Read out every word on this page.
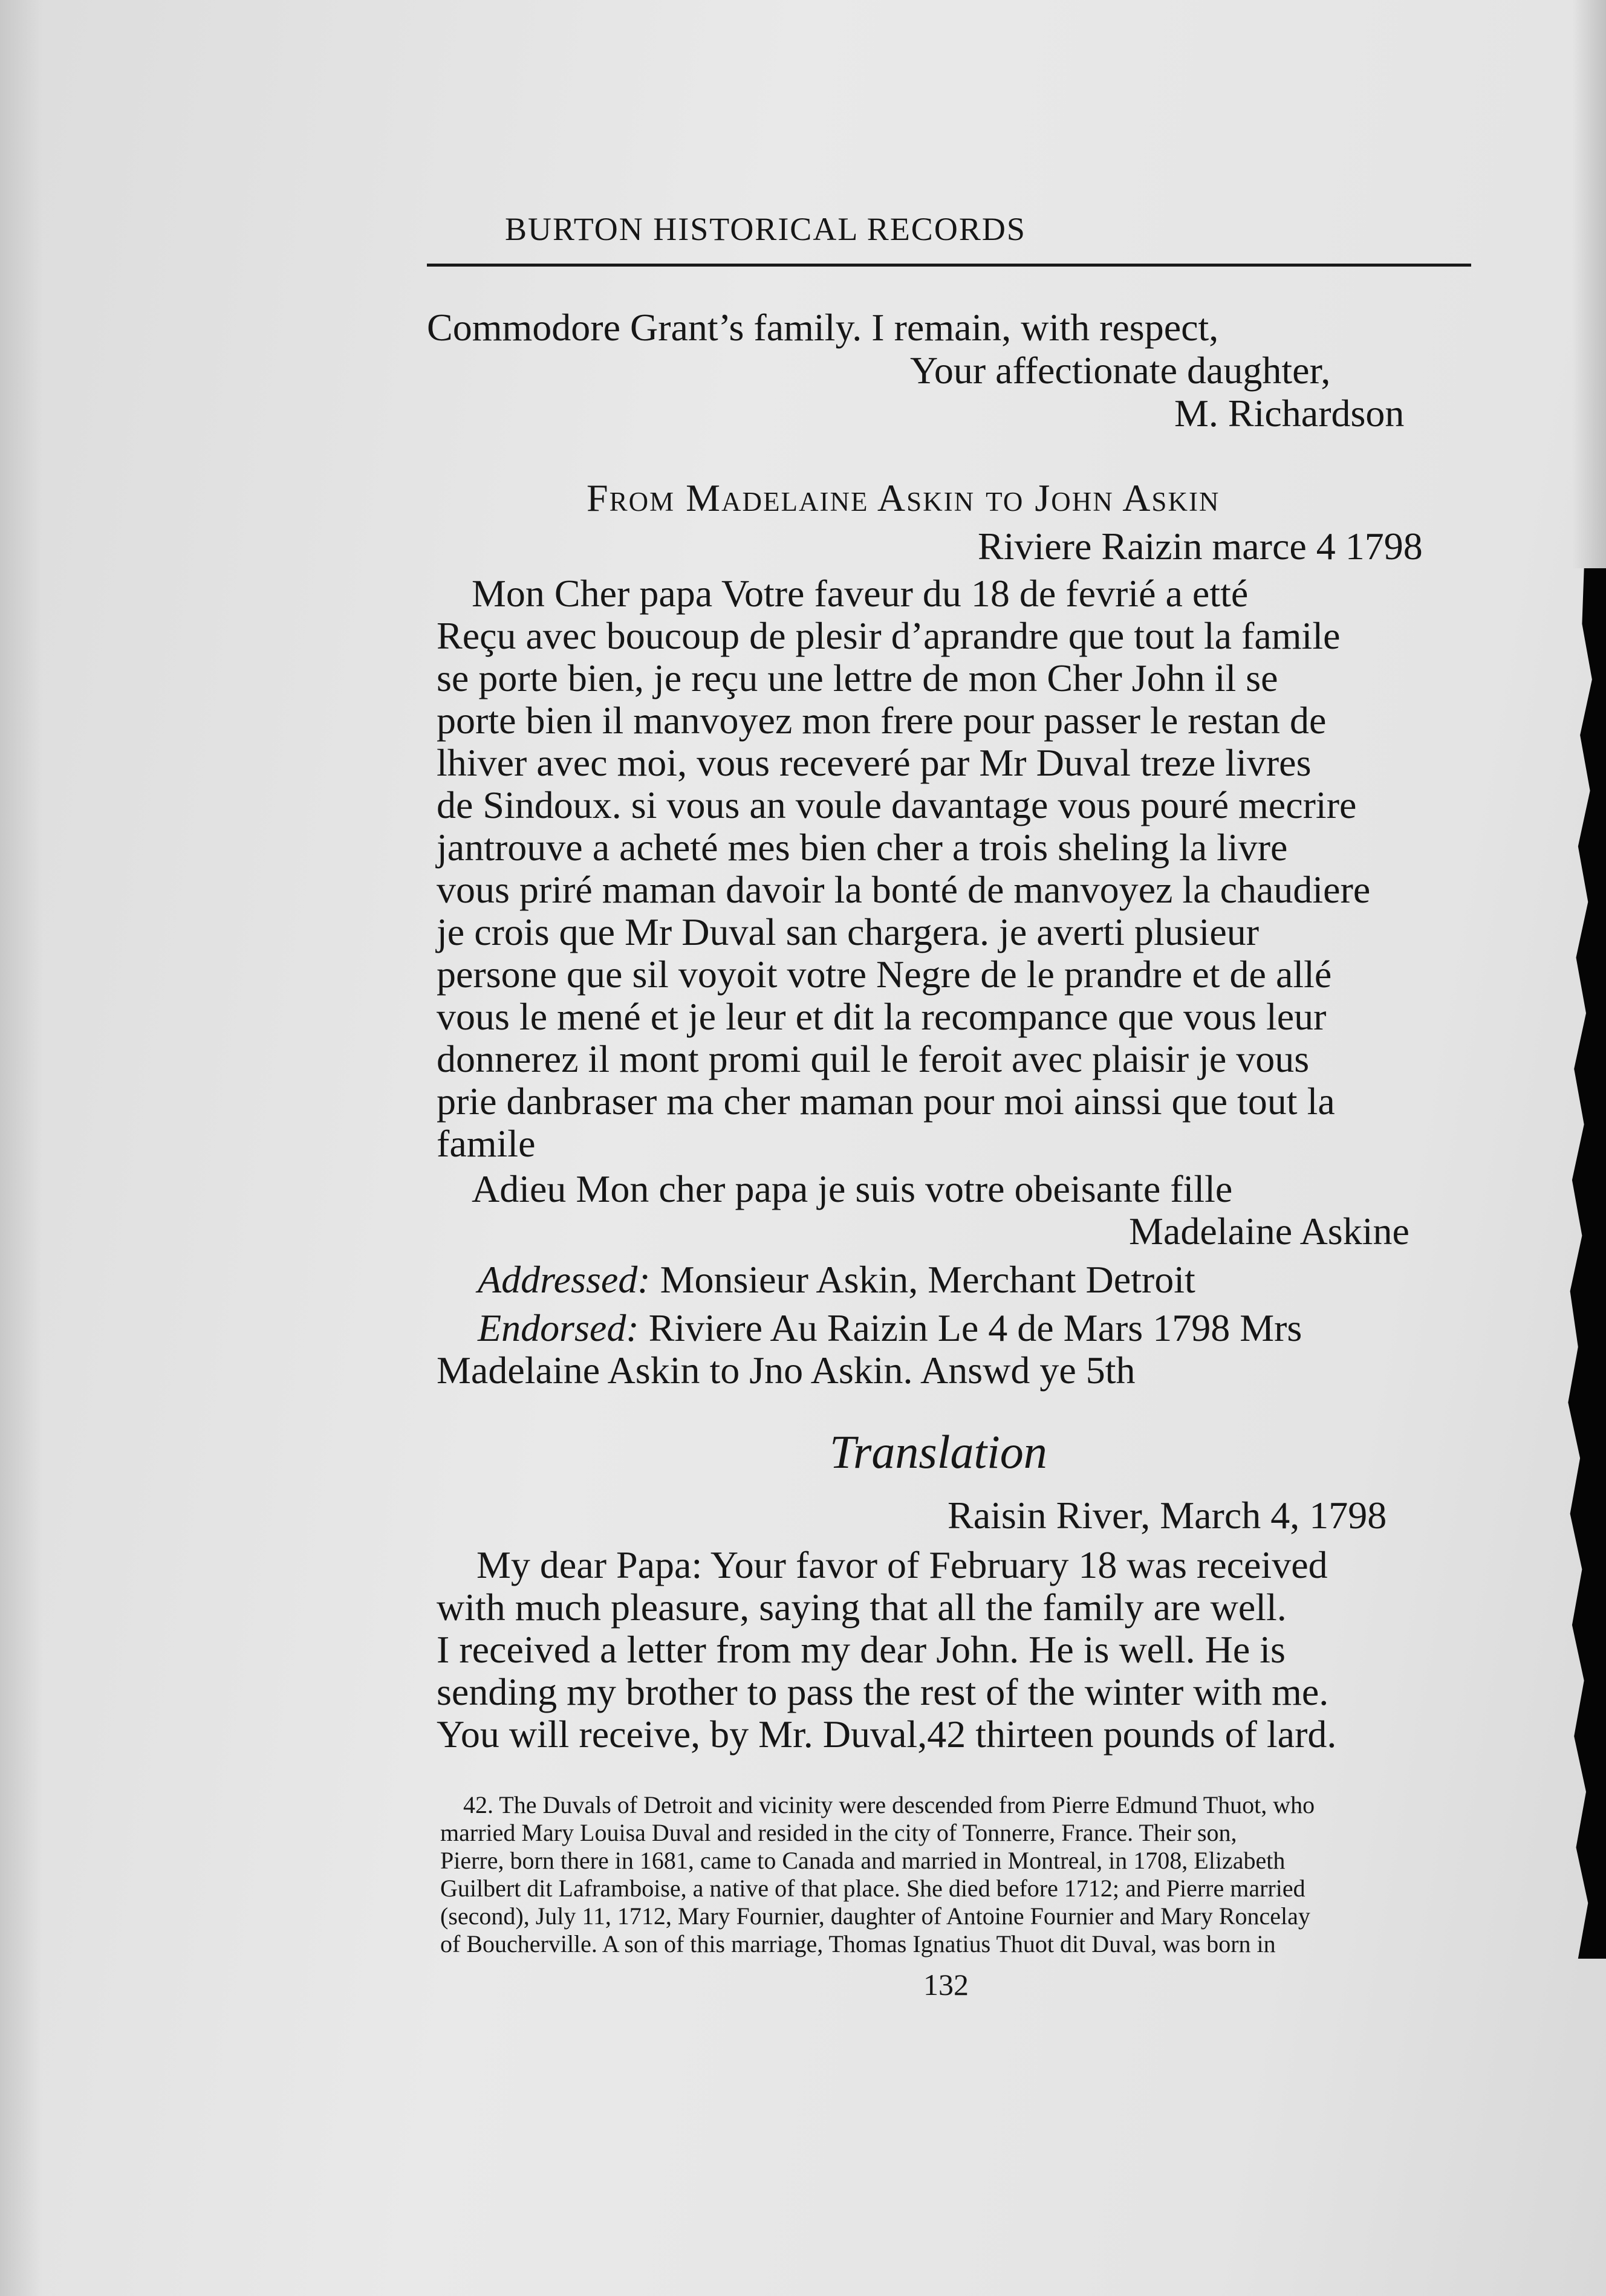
BURTON HISTORICAL RECORDS
Commodore Grant’s family. I remain, with respect,
Your affectionate daughter,
M. Richardson
From Madelaine Askin to John Askin
Riviere Raizin marce 4 1798
Mon Cher papa Votre faveur du 18 de fevrié a etté
Reçu avec boucoup de plesir d’aprandre que tout la famile
se porte bien, je reçu une lettre de mon Cher John il se
porte bien il manvoyez mon frere pour passer le restan de
lhiver avec moi, vous receveré par Mr Duval treze livres
de Sindoux. si vous an voule davantage vous pouré mecrire
jantrouve a acheté mes bien cher a trois sheling la livre
vous priré maman davoir la bonté de manvoyez la chaudiere
je crois que Mr Duval san chargera. je averti plusieur
persone que sil voyoit votre Negre de le prandre et de allé
vous le mené et je leur et dit la recompance que vous leur
donnerez il mont promi quil le feroit avec plaisir je vous
prie danbraser ma cher maman pour moi ainssi que tout la
famile
Adieu Mon cher papa je suis votre obeisante fille
Madelaine Askine
Addressed: Monsieur Askin, Merchant Detroit
Endorsed: Riviere Au Raizin Le 4 de Mars 1798 Mrs
Madelaine Askin to Jno Askin. Answd ye 5th
Translation
Raisin River, March 4, 1798
My dear Papa: Your favor of February 18 was received
with much pleasure, saying that all the family are well.
I received a letter from my dear John. He is well. He is
sending my brother to pass the rest of the winter with me.
You will receive, by Mr. Duval,42 thirteen pounds of lard.
42. The Duvals of Detroit and vicinity were descended from Pierre Edmund Thuot, who
married Mary Louisa Duval and resided in the city of Tonnerre, France. Their son,
Pierre, born there in 1681, came to Canada and married in Montreal, in 1708, Elizabeth
Guilbert dit Laframboise, a native of that place. She died before 1712; and Pierre married
(second), July 11, 1712, Mary Fournier, daughter of Antoine Fournier and Mary Roncelay
of Boucherville. A son of this marriage, Thomas Ignatius Thuot dit Duval, was born in
132
